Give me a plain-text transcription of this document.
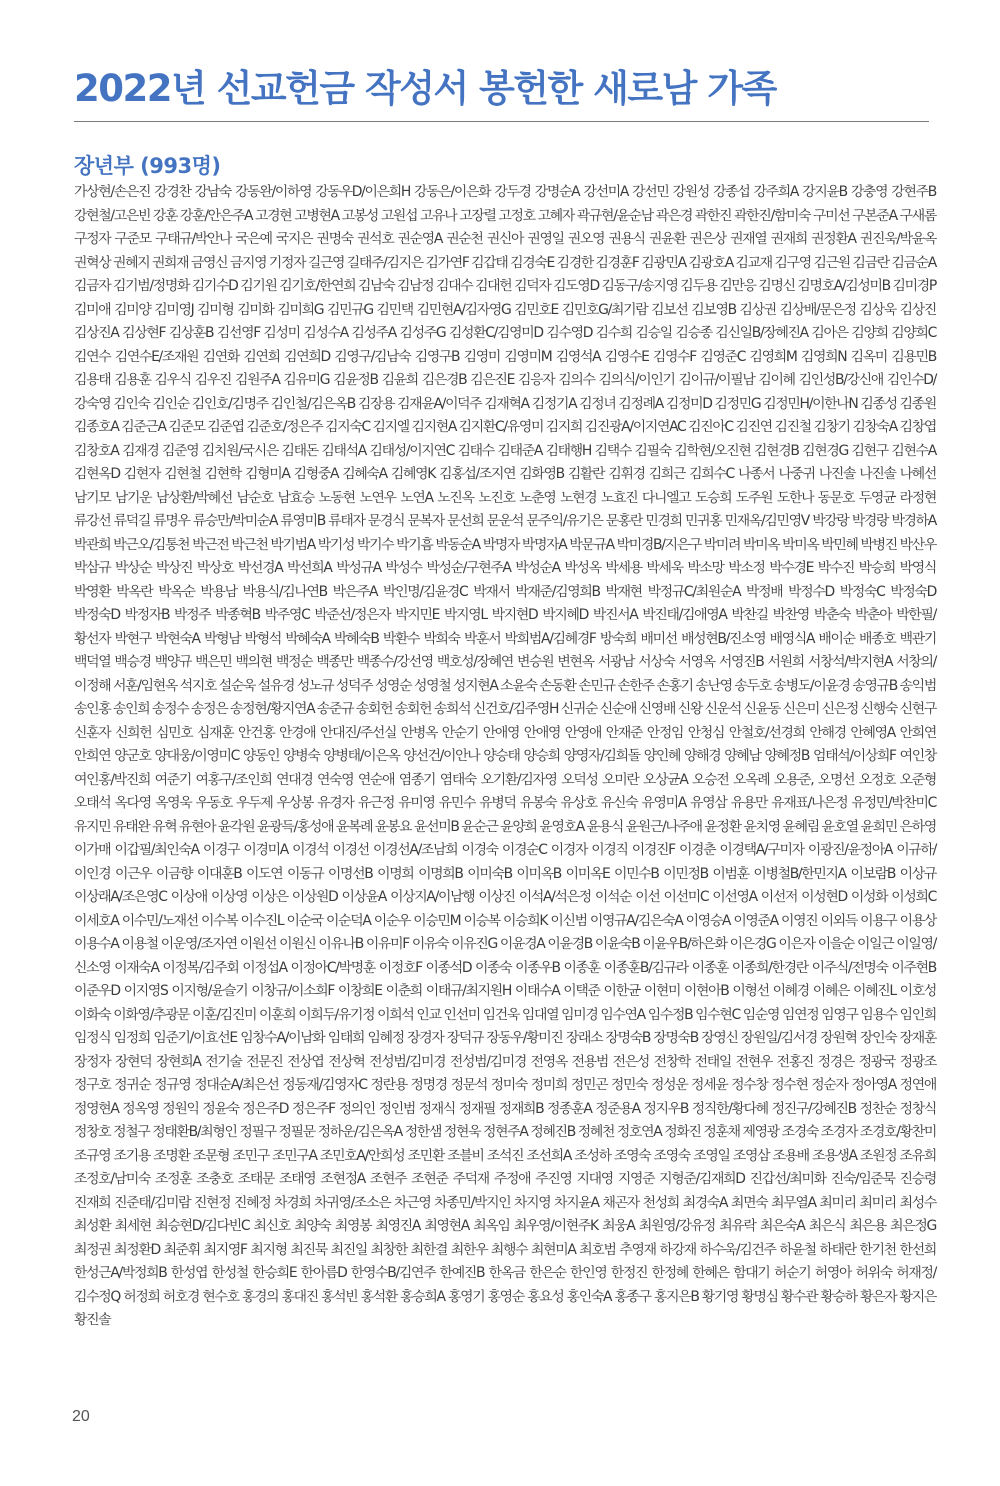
2022년 선교헌금 작성서 봉헌한 새로남 가족
장년부 (993명)

가상현/손은진 강경찬 강남숙 강동완/이하영 강동우D/이은희H 강동은/이은화 강두경 강명순A 강선미A 강선민 강원성 강종섭 강주희A 강지윤B 강충영 강현주B 강현철/고은빈 강훈 강훈/안은주A 고경현 고병현A 고봉성 고원섭 고유나 고장렬 고정호 고혜자 곽규현/윤순남 곽은경 곽한진 곽한진/함미숙 구미선 구본준A 구새롬 구정자 구준모 구태규/박안나 국은예 국지은 권명숙 권석호 권순영A 권순천 권신아 권영일 권오영 권용식 권윤환 권은상 권재열 권재희 권정환A 권진욱/박윤옥 권혁상 권혜지 권희재 금영신 금지영 기정자 길근영 길태주/김지은 김가연F 김갑태 김경숙E 김경한 김경훈F 김광민A 김광호A 김교재 김구영 김근원 김금란 김금순A 김금자 김기범/정명화 김기수D 김기원 김기호/한연희 김남숙 김남정 김대수 김대헌 김덕자 김도영D 김동구/송지영 김두용 김만응 김명신 김명호A/김성미B 김미경P 김미애 김미양 김미영J 김미형 김미화 김미희G 김민규G 김민택 김민현A/김자영G 김민호E 김민호G/최기람 김보선 김보영B 김상권 김상배/문은정 김상욱 김상진 김상진A 김상현F 김상훈B 김선영F 김성미 김성수A 김성주A 김성주G 김성환C/김영미D 김수영D 김수희 김승일 김승종 김신일B/장혜진A 김아은 김양희 김양희C 김연수 김연수E/조재원 김연화 김연희 김연희D 김영구/김남숙 김영구B 김영미 김영미M 김영석A 김영수E 김영수F 김영준C 김영희M 김영희N 김옥미 김용민B 김용태 김용훈 김우식 김우진 김원주A 김유미G 김윤정B 김윤희 김은경B 김은진E 김응자 김의수 김의식/이인기 김이규/이필남 김이혜 김인성B/강신애 김인수D/강숙영 김인숙 김인순 김인호/김명주 김인철/김은옥B 김장용 김재윤A/이덕주 김재혁A 김정기A 김정녀 김정례A 김정미D 김정민G 김정민H/이한나N 김종성 김종원 김종호A 김준근A 김준모 김준엽 김준호/정은주 김지숙C 김지엘 김지현A 김지환C/유영미 김지희 김진광A/이지연AC 김진아C 김진연 김진철 김창기 김창숙A 김창엽 김창호A 김재경 김준영 김치원/국시은 김태돈 김태석A 김태성/이지연C 김태수 김태준A 김태행H 김택수 김필숙 김학현/오진현 김현경B 김현경G 김현구 김현수A 김현옥D 김현자 김현철 김현학 김형미A 김형중A 김혜숙A 김혜영K 김홍섭/조지연 김화영B 김활란 김휘경 김희근 김희수C 나종서 나중귀 나진솔 나진솔 나혜선 남기모 남기운 남상환/박혜선 남순호 남효승 노동현 노연우 노연A 노진옥 노진호 노춘영 노현경 노효진 다니엘고 도승희 도주원 도한나 동문호 두영균 라정현 류강선 류덕길 류명우 류승만/박미순A 류영미B 류태자 문경식 문복자 문선희 문운석 문주익/유기은 문홍란 민경희 민귀홍 민재옥/김민영V 박강랑 박경랑 박경하A 박관희 박근오/김통천 박근전 박근천 박기범A 박기성 박기수 박기흠 박동순A 박명자 박명자A 박문규A 박미경B/지은구 박미려 박미옥 박미옥 박민혜 박병진 박산우 박삼규 박상순 박상진 박상호 박선경A 박선희A 박성규A 박성수 박성순/구현주A 박성순A 박성옥 박세용 박세욱 박소망 박소정 박수경E 박수진 박승희 박영식 박영환 박옥란 박옥순 박용남 박용식/김나연B 박은주A 박인명/김윤경C 박재서 박재준/김영희B 박재현 박정규C/최원순A 박정배 박정수D 박정숙C 박정숙D 박정숙D 박정자B 박정주 박종혁B 박주영C 박준선/정은자 박지민E 박지영L 박지현D 박지혜D 박진서A 박진태/김애영A 박찬길 박찬영 박춘숙 박춘아 박한필/황선자 박현구 박현숙A 박형남 박형석 박혜숙A 박혜숙B 박환수 박희숙 박훈서 박희범A/김혜경F 방숙희 배미선 배성현B/진소영 배영식A 배이순 배종호 백관기 백덕열 백승경 백양규 백은민 백의현 백정순 백종만 백종수/강선영 백호성/장혜연 변승원 변현옥 서광남 서상숙 서영옥 서영진B 서원희 서창석/박지현A 서창의/이정해 서훈/임현옥 석지호 설순욱 설유경 성노규 성덕주 성영순 성영철 성지현A 소윤숙 손동환 손민규 손한주 손홍기 송난영 송두호 송병도/이윤경 송영규B 송익범 송인홍 송인희 송정수 송정은 송정현/황지연A 송준규 송회헌 송회헌 송희석 신건호/김주영H 신귀순 신순애 신영배 신왕 신운석 신윤동 신은미 신은정 신행숙 신현구 신훈자 신희헌 심민호 심재훈 안건홍 안경애 안대진/주선실 안병옥 안순기 안애영 안애영 안영애 안재준 안정임 안청심 안철호/선경희 안해경 안혜영A 안희연 안희연 양군호 양대웅/이영미C 양동인 양병숙 양병태/이은옥 양선건/이안나 양승태 양승희 양영자/김희돌 양인혜 양해경 양혜남 양혜정B 엄태석/이상희F 여인창 여인홍/박진희 여준기 여홍구/조인희 연대경 연숙영 연순애 염종기 염태숙 오기환/김자영 오덕성 오미란 오상균A 오승전 오옥례 오용준, 오명선 오정호 오준형 오태석 옥다영 옥영욱 우동호 우두제 우상봉 유경자 유근정 유미영 유민수 유병덕 유봉숙 유상호 유신숙 유영미A 유영삼 유용만 유재표/나은정 유정민/박찬미C 유지민 유태완 유혁 유현아 윤각원 윤광득/홍성애 윤복례 윤봉요 윤선미B 윤순근 윤양희 윤영호A 윤용식 윤원근/나주애 윤정환 윤치영 윤혜림 윤호열 윤희민 은하영 이가매 이갑필/최인숙A 이경구 이경미A 이경석 이경선 이경선A/조남희 이경숙 이경순C 이경자 이경직 이경진F 이경춘 이경택A/구미자 이광진/윤정아A 이규하/이인경 이근우 이금향 이대훈B 이도연 이동규 이명선B 이명희 이명희B 이미숙B 이미옥B 이미옥E 이민수B 이민정B 이범훈 이병철B/한민지A 이보람B 이상규 이상래A/조은영C 이상애 이상영 이상은 이상원D 이상윤A 이상지A/이남행 이상진 이석A/석은정 이석순 이선 이선미C 이선영A 이선저 이성현D 이성화 이성희C 이세호A 이수민/노재선 이수복 이수진L 이순국 이순덕A 이순우 이승민M 이승복 이승희K 이신범 이영규A/김은숙A 이영승A 이영준A 이영진 이외득 이용구 이용상 이용수A 이용철 이운영/조자연 이원선 이원신 이유나B 이유미F 이유숙 이유진G 이윤경A 이윤경B 이윤숙B 이윤우B/하은화 이은경G 이은자 이을순 이일근 이일영/신소영 이재숙A 이정복/김주회 이정섭A 이정아C/박명훈 이정호F 이종석D 이종숙 이종우B 이종훈 이종훈B/김규라 이종훈 이종희/한경란 이주식/전명숙 이주현B 이준우D 이지영S 이지형/윤슬기 이창규/이소희F 이창희E 이춘희 이태규/최지원H 이태수A 이택준 이한균 이현미 이현아B 이형선 이혜경 이혜은 이혜진L 이호성 이화숙 이화영/추광문 이훈/김진미 이훈희 이희두/유기정 이희석 인교 인선미 임건욱 임대열 임미경 임수연A 임수정B 임수현C 임순영 임연정 임영구 임용수 임인희 임정식 임정희 임준기/이효선E 임창수A/이남화 임태희 임혜정 장경자 장덕규 장동우/황미진 장래소 장명숙B 장명숙B 장영신 장원일/김서경 장원혁 장인숙 장재훈 장정자 장현덕 장현희A 전기술 전문진 전상엽 전상혁 전성범/김미경 전성범/김미경 전영옥 전용범 전은성 전창학 전태일 전현우 전홍진 정경은 정광국 정광조 정구호 정귀순 정규영 정대순A/최은선 정동재/김영자C 정란용 정명경 정문석 정미숙 정미희 정민곤 정민숙 정성운 정세윤 정수창 정수현 정순자 정아영A 정연애 정영현A 정옥영 정원익 정윤숙 정은주D 정은주F 정의인 정인범 정재식 정재필 정재희B 정종훈A 정준용A 정지우B 정직한/황다혜 정진구/강혜진B 정찬순 정창식 정창호 정철구 정태환B/최형인 정필구 정필문 정하운/김은옥A 정한샘 정현욱 정현주A 정혜진B 정혜천 정호연A 정화진 정훈채 제영광 조경숙 조경자 조경호/황찬미 조규영 조기용 조명환 조문형 조민구 조민구A 조민호A/안희성 조민환 조블비 조석진 조선희A 조성하 조영숙 조영숙 조영일 조영삼 조용배 조용생A 조원정 조유희 조정호/남미숙 조정훈 조충호 조태문 조태영 조현정A 조현주 조현준 주덕재 주정애 주진영 지대영 지영준 지형준/김재희D 진갑선/최미화 진숙/임준묵 진승령 진재희 진준태/김미람 진현정 진혜정 차경희 차귀영/조소은 차근영 차종민/박지인 차지영 차지윤A 채곤자 천성희 최경숙A 최면숙 최무열A 최미리 최미리 최성수 최성환 최세현 최승현D/김다빈C 최신호 최양숙 최영봉 최영진A 최영현A 최옥임 최우영/이현주K 최웅A 최원영/강유정 최유락 최은숙A 최은식 최은용 최은정G 최정권 최정환D 최준휘 최지영F 최지형 최진묵 최진일 최창한 최한결 최한우 최행수 최현미A 최호범 추영재 하강재 하수욱/김건주 하윤철 하태란 한기천 한선희 한성근A/박정희B 한성엽 한성철 한승희E 한아름D 한영수B/김연주 한예진B 한옥금 한은순 한인영 한정진 한정혜 한혜은 함대기 허순기 허영아 허위숙 허재정/김수정Q 허정희 허호경 현수호 홍경의 홍대진 홍석빈 홍석환 홍승희A 홍영기 홍영순 홍요성 홍인숙A 홍종구 홍지은B 황기영 황명심 황수관 황승하 황은자 황지은 황진솔

20
